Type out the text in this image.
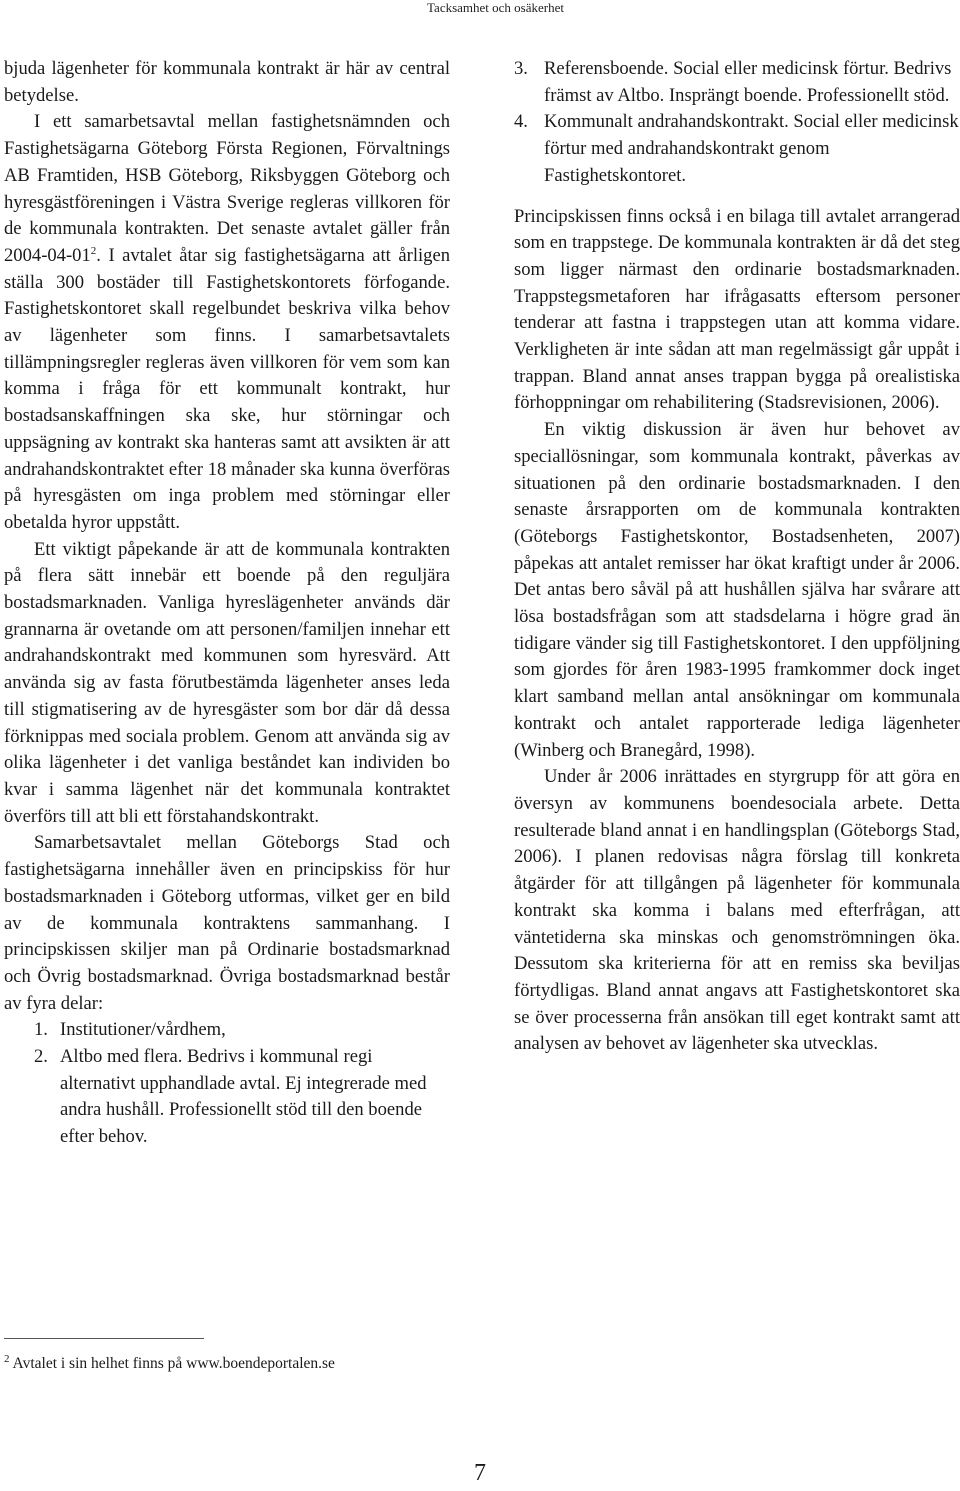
Tacksamhet och osäkerhet

bjuda lägenheter för kommunala kontrakt är här av central betydelse.

I ett samarbetsavtal mellan fastighetsnämnden och Fastighetsägarna Göteborg Första Regionen, Förvaltnings AB Framtiden, HSB Göteborg, Riksbyggen Göteborg och hyresgästföreningen i Västra Sverige regleras villkoren för de kommunala kontrakten. Det senaste avtalet gäller från $2004-04-01^2$. I avtalet åtar sig fastighetsägarna att årligen ställa 300 bostäder till Fastighetskontorets förfogande. Fastighetskontoret skall regelbundet beskriva vilka behov av lägenheter som finns. I samarbetsavtalets tillämpningsregler regleras även villkoren för vem som kan komma i fråga för ett kommunalt kontrakt, hur bostadsanskaffningen ska ske, hur störningar och uppsägning av kontrakt ska hanteras samt att avsikten är att andrahandskontraktet efter 18 månader ska kunna överföras på hyresgästen om inga problem med störningar eller obetalda hyror uppstått.

Ett viktigt påpekande är att de kommunala kontrakten på flera sätt innebär ett boende på den reguljära bostadsmarknaden. Vanliga hyreslägenheter används där grannarna är ovetande om att personen/familjen innehar ett andrahandskontrakt med kommunen som hyresvärd. Att använda sig av fasta förutbestämda lägenheter anses leda till stigmatisering av de hyresgäster som bor där då dessa förknippas med sociala problem. Genom att använda sig av olika lägenheter i det vanliga beståndet kan individen bo kvar i samma lägenhet när det kommunala kontraktet överförs till att bli ett förstahandskontrakt.

Samarbetsavtalet mellan Göteborgs Stad och fastighetsägarna innehåller även en principskiss för hur bostadsmarknaden i Göteborg utformas, vilket ger en bild av de kommunala kontraktens sammanhang. I principskissen skiljer man på Ordinarie bostadsmarknad och Övrig bostadsmarknad. Övriga bostadsmarknad består av fyra delar:

1. Institutioner/vårdhem,
2. Altbo med flera. Bedrivs i kommunal regi alternativt upphandlade avtal. Ej integrerade med andra hushåll. Professionellt stöd till den boende efter behov.
3. Referensboende. Social eller medicinsk förtur. Bedrivs främst av Altbo. Insprängt boende. Professionellt stöd.
4. Kommunalt andrahandskontrakt. Social eller medicinsk förtur med andrahandskontrakt genom Fastighetskontoret.

Principskissen finns också i en bilaga till avtalet arrangerad som en trappstege. De kommunala kontrakten är då det steg som ligger närmast den ordinarie bostadsmarknaden. Trappstegsmetaforen har ifrågasatts eftersom personer tenderar att fastna i trappstegen utan att komma vidare. Verkligheten är inte sådan att man regelmässigt går uppåt i trappan. Bland annat anses trappan bygga på orealistiska förhoppningar om rehabilitering (Stadsrevisionen, 2006).

En viktig diskussion är även hur behovet av speciallösningar, som kommunala kontrakt, påverkas av situationen på den ordinarie bostadsmarknaden. I den senaste årsrapporten om de kommunala kontrakten (Göteborgs Fastighetskontor, Bostadsenheten, 2007) påpekas att antalet remisser har ökat kraftigt under år 2006. Det antas bero såväl på att hushållen själva har svårare att lösa bostadsfrågan som att stadsdelarna i högre grad än tidigare vänder sig till Fastighetskontoret. I den uppföljning som gjordes för åren 1983-1995 framkommer dock inget klart samband mellan antal ansökningar om kommunala kontrakt och antalet rapporterade lediga lägenheter (Winberg och Branegård, 1998).

Under år 2006 inrättades en styrgrupp för att göra en översyn av kommunens boendesociala arbete. Detta resulterade bland annat i en handlingsplan (Göteborgs Stad, 2006). I planen redovisas några förslag till konkreta åtgärder för att tillgången på lägenheter för kommunala kontrakt ska komma i balans med efterfrågan, att väntetiderna ska minskas och genomströmningen öka. Dessutom ska kriterierna för att en remiss ska beviljas förtydligas. Bland annat angavs att Fastighetskontoret ska se över processerna från ansökan till eget kontrakt samt att analysen av behovet av lägenheter ska utvecklas.

$^2$ Avtalet i sin helhet finns på www.boendeportalen.se
7
